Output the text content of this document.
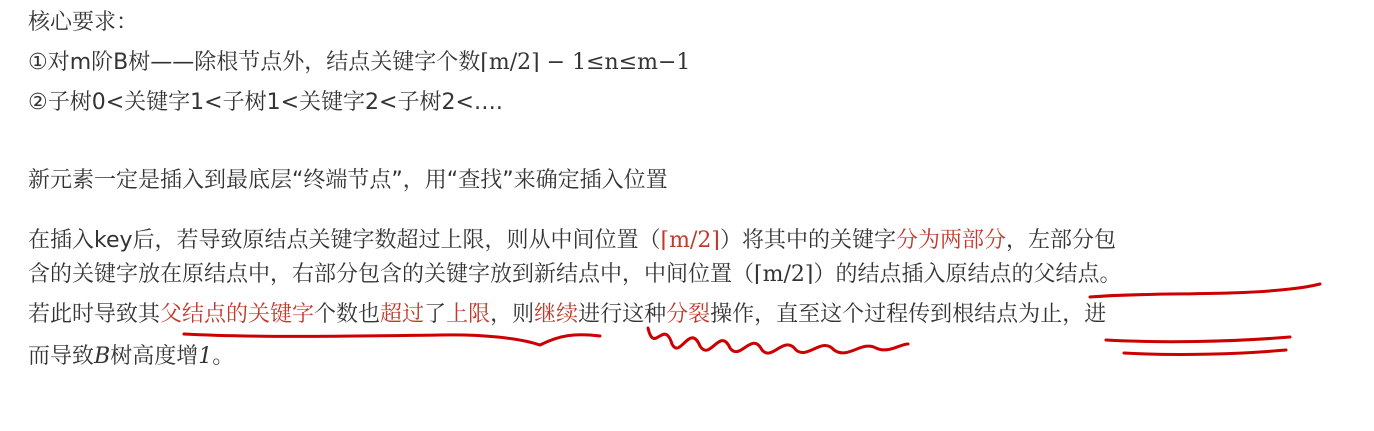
核心要求：
①对m阶B树——除根节点外，结点关键字个数⌈m/2⌉ − 1≤n≤m−1
②子树0<关键字1<子树1<关键字2<子树2<….
新元素一定是插入到最底层“终端节点”，用“查找”来确定插入位置
在插入key后，若导致原结点关键字数超过上限，则从中间位置（⌈m/2⌉）将其中的关键字分为两部分，左部分包
含的关键字放在原结点中，右部分包含的关键字放到新结点中，中间位置（⌈m/2⌉）的结点插入原结点的父结点。
若此时导致其父结点的关键字个数也超过了上限，则继续进行这种分裂操作，直至这个过程传到根结点为止，进
而导致B树高度增1。
